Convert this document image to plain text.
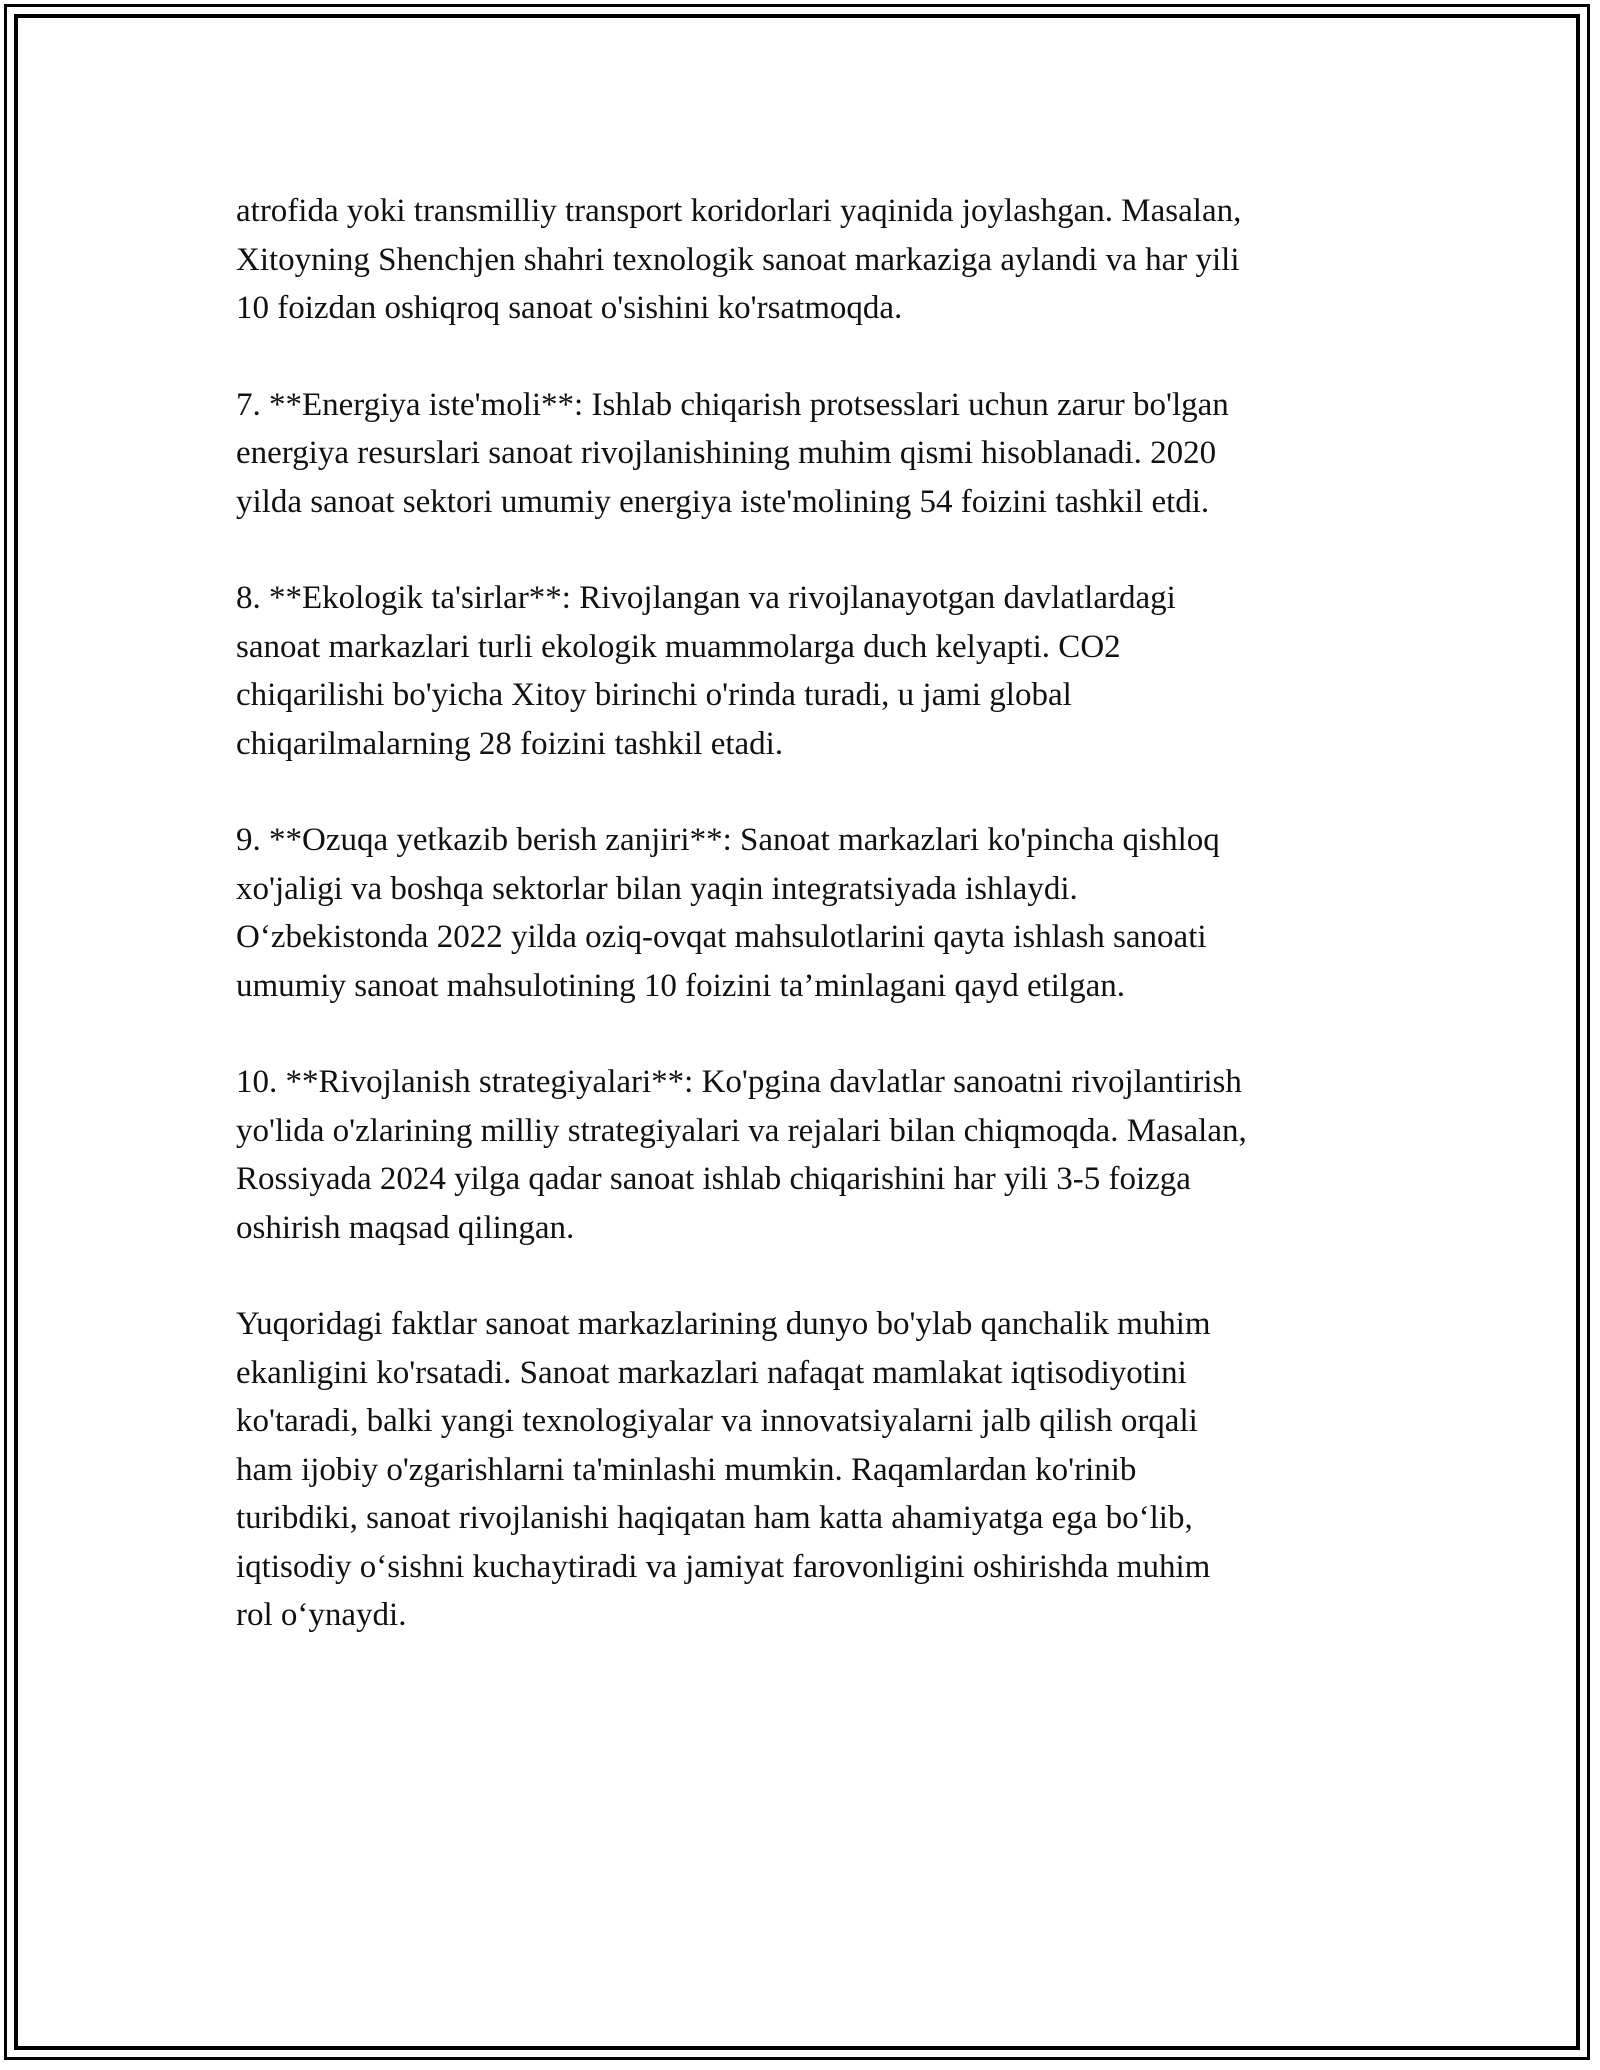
atrofida yoki transmilliy transport koridorlari yaqinida joylashgan. Masalan,
Xitoyning Shenchjen shahri texnologik sanoat markaziga aylandi va har yili
10 foizdan oshiqroq sanoat o'sishini ko'rsatmoqda.

7. **Energiya iste'moli**: Ishlab chiqarish protsesslari uchun zarur bo'lgan
energiya resurslari sanoat rivojlanishining muhim qismi hisoblanadi. 2020
yilda sanoat sektori umumiy energiya iste'molining 54 foizini tashkil etdi.

8. **Ekologik ta'sirlar**: Rivojlangan va rivojlanayotgan davlatlardagi
sanoat markazlari turli ekologik muammolarga duch kelyapti. CO2
chiqarilishi bo'yicha Xitoy birinchi o'rinda turadi, u jami global
chiqarilmalarning 28 foizini tashkil etadi.

9. **Ozuqa yetkazib berish zanjiri**: Sanoat markazlari ko'pincha qishloq
xo'jaligi va boshqa sektorlar bilan yaqin integratsiyada ishlaydi.
O‘zbekistonda 2022 yilda oziq-ovqat mahsulotlarini qayta ishlash sanoati
umumiy sanoat mahsulotining 10 foizini ta’minlagani qayd etilgan.

10. **Rivojlanish strategiyalari**: Ko'pgina davlatlar sanoatni rivojlantirish
yo'lida o'zlarining milliy strategiyalari va rejalari bilan chiqmoqda. Masalan,
Rossiyada 2024 yilga qadar sanoat ishlab chiqarishini har yili 3-5 foizga
oshirish maqsad qilingan.

Yuqoridagi faktlar sanoat markazlarining dunyo bo'ylab qanchalik muhim
ekanligini ko'rsatadi. Sanoat markazlari nafaqat mamlakat iqtisodiyotini
ko'taradi, balki yangi texnologiyalar va innovatsiyalarni jalb qilish orqali
ham ijobiy o'zgarishlarni ta'minlashi mumkin. Raqamlardan ko'rinib
turibdiki, sanoat rivojlanishi haqiqatan ham katta ahamiyatga ega bo‘lib,
iqtisodiy o‘sishni kuchaytiradi va jamiyat farovonligini oshirishda muhim
rol o‘ynaydi.
